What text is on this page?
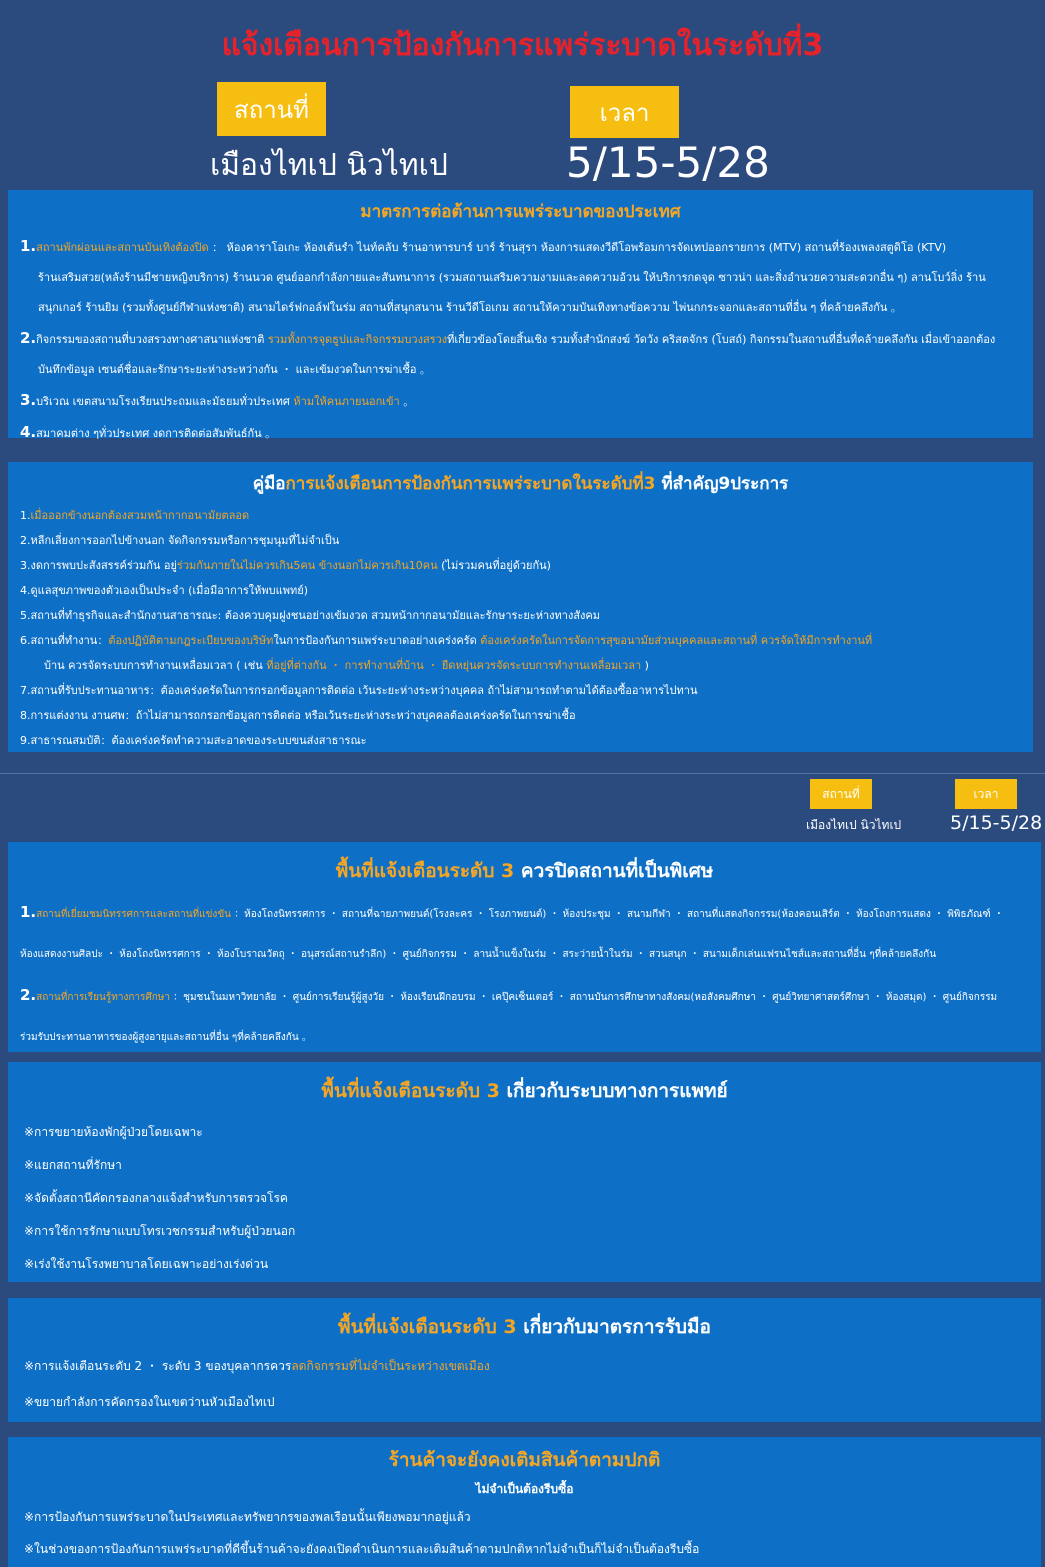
แจ้งเตือนการป้องกันการแพร่ระบาดในระดับที่3
สถานที่	เวลา
เมืองไทเป นิวไทเป	5/15-5/28
มาตรการต่อต้านการแพร่ระบาดของประเทศ
1.สถานพักผ่อนและสถานบันเทิงต้องปิด ： ห้องคาราโอเกะ ห้องเต้นรำ ไนท์คลับ ร้านอาหารบาร์ บาร์ ร้านสุรา ห้องการแสดงวีดีโอพร้อมการจัดเทปออกรายการ (MTV) สถานที่ร้องเพลงสตูดิโอ (KTV)
ร้านเสริมสวย(หลังร้านมีชายหญิงบริการ) ร้านนวด ศูนย์ออกกำลังกายและสันทนาการ (รวมสถานเสริมความงามและลดความอ้วน ให้บริการกดจุด ซาวน่า และสิ่งอำนวยความสะดวกอื่น ๆ) ลานโบว์ลิ่ง ร้าน
สนุกเกอร์ ร้านยิม (รวมทั้งศูนย์กีฬาแห่งชาติ) สนามไดร์ฟกอล์ฟในร่ม สถานที่สนุกสนาน ร้านวีดีโอเกม สถานให้ความบันเทิงทางข้อความ ไพ่นกกระจอกและสถานที่อื่น ๆ ที่คล้ายคลึงกัน 。
2.กิจกรรมของสถานที่บวงสรวงทางศาสนาแห่งชาติ รวมทั้งการจุดธูปและกิจกรรมบวงสรวงที่เกี่ยวข้องโดยสิ้นเชิง รวมทั้งสำนักสงฆ์ วัดวัง คริสตจักร (โบสถ์) กิจกรรมในสถานที่อื่นที่คล้ายคลึงกัน เมื่อเข้าออกต้อง
บันทึกข้อมูล เซนต์ชื่อและรักษาระยะห่างระหว่างกัน ・ และเข้มงวดในการฆ่าเชื้อ 。
3.บริเวณ เขตสนามโรงเรียนประถมและมัธยมทั่วประเทศ ห้ามให้คนภายนอกเข้า 。
4.สมาคมต่าง ๆทั่วประเทศ งดการติดต่อสัมพันธ์กัน 。
คู่มือการแจ้งเตือนการป้องกันการแพร่ระบาดในระดับที่3 ที่สำคัญ9ประการ
1.เมื่อออกข้างนอกต้องสวมหน้ากากอนามัยตลอด
2.หลีกเลี่ยงการออกไปข้างนอก จัดกิจกรรมหรือการชุมนุมที่ไม่จำเป็น
3.งดการพบปะสังสรรค์ร่วมกัน อยู่ร่วมกันภายในไม่ควรเกิน5คน ข้างนอกไม่ควรเกิน10คน (ไม่รวมคนที่อยู่ด้วยกัน)
4.ดูแลสุขภาพของตัวเองเป็นประจำ (เมื่อมีอาการให้พบแพทย์)
5.สถานที่ทำธุรกิจและสำนักงานสาธารณะ: ต้องควบคุมฝูงชนอย่างเข้มงวด สวมหน้ากากอนามัยและรักษาระยะห่างทางสังคม
6.สถานที่ทำงาน：ต้องปฏิบัติตามกฎระเบียบของบริษัทในการป้องกันการแพร่ระบาดอย่างเคร่งครัด ต้องเคร่งครัดในการจัดการสุขอนามัยส่วนบุคคลและสถานที่ ควรจัดให้มีการทำงานที่
บ้าน ควรจัดระบบการทำงานเหลื่อมเวลา ( เช่น ที่อยู่ที่ต่างกัน ・ การทำงานที่บ้าน ・ ยืดหยุ่นควรจัดระบบการทำงานเหลื่อมเวลา )
7.สถานที่รับประทานอาหาร：ต้องเคร่งครัดในการกรอกข้อมูลการติดต่อ เว้นระยะห่างระหว่างบุคคล ถ้าไม่สามารถทำตามได้ต้องซื้ออาหารไปทาน
8.การแต่งงาน งานศพ：ถ้าไม่สามารถกรอกข้อมูลการติดต่อ หรือเว้นระยะห่างระหว่างบุคคลต้องเคร่งครัดในการฆ่าเชื้อ
9.สาธารณสมบัติ：ต้องเคร่งครัดทำความสะอาดของระบบขนส่งสาธารณะ
สถานที่	เวลา
เมืองไทเป นิวไทเป	5/15-5/28
พื้นที่แจ้งเตือนระดับ 3 ควรปิดสถานที่เป็นพิเศษ
1.สถานที่เยี่ยมชมนิทรรศการและสถานที่แข่งขัน ：ห้องโถงนิทรรศการ ・ สถานที่ฉายภาพยนต์(โรงละคร ・ โรงภาพยนต์) ・ ห้องประชุม ・ สนามกีฬา ・ สถานที่แสดงกิจกรรม(ห้องคอนเสิร์ต ・ ห้องโถงการแสดง ・ พิพิธภัณฑ์ ・
ห้องแสดงงานศิลปะ ・ ห้องโถงนิทรรศการ ・ ห้องโบราณวัตถุ ・ อนุสรณ์สถานรำลึก) ・ ศูนย์กิจกรรม ・ ลานน้ำแข็งในร่ม ・ สระว่ายน้ำในร่ม ・ สวนสนุก ・ สนามเด็กเล่นแฟรนไชส์และสถานที่อื่น ๆที่คล้ายคลึงกัน
2.สถานที่การเรียนรู้ทางการศึกษา ：ชุมชนในมหาวิทยาลัย ・ ศูนย์การเรียนรู้ผู้สูงวัย ・ ห้องเรียนฝึกอบรม ・ เคปุ๊คเซ็นเตอร์ ・ สถานบันการศึกษาทางสังคม(หอสังคมศึกษา ・ ศูนย์วิทยาศาสตร์ศึกษา ・ ห้องสมุด) ・ ศูนย์กิจกรรม
ร่วมรับประทานอาหารของผู้สูงอายุและสถานที่อื่น ๆที่คล้ายคลึงกัน 。
พื้นที่แจ้งเตือนระดับ 3 เกี่ยวกับระบบทางการแพทย์
※การขยายห้องพักผู้ป่วยโดยเฉพาะ
※แยกสถานที่รักษา
※จัดตั้งสถานีคัดกรองกลางแจ้งสำหรับการตรวจโรค
※การใช้การรักษาแบบโทรเวชกรรมสำหรับผู้ป่วยนอก
※เร่งใช้งานโรงพยาบาลโดยเฉพาะอย่างเร่งด่วน
พื้นที่แจ้งเตือนระดับ 3 เกี่ยวกับมาตรการรับมือ
※การแจ้งเตือนระดับ 2 ・ ระดับ 3 ของบุคลากรควรลดกิจกรรมที่ไม่จำเป็นระหว่างเขตเมือง
※ขยายกำลังการคัดกรองในเขตว่านหัวเมืองไทเป
ร้านค้าจะยังคงเติมสินค้าตามปกติ
ไม่จำเป็นต้องรีบซื้อ
※การป้องกันการแพร่ระบาดในประเทศและทรัพยากรของพลเรือนนั้นเพียงพอมากอยู่แล้ว
※ในช่วงของการป้องกันการแพร่ระบาดที่ดีขึ้นร้านค้าจะยังคงเปิดดำเนินการและเติมสินค้าตามปกติหากไม่จำเป็นก็ไม่จำเป็นต้องรีบซื้อ
